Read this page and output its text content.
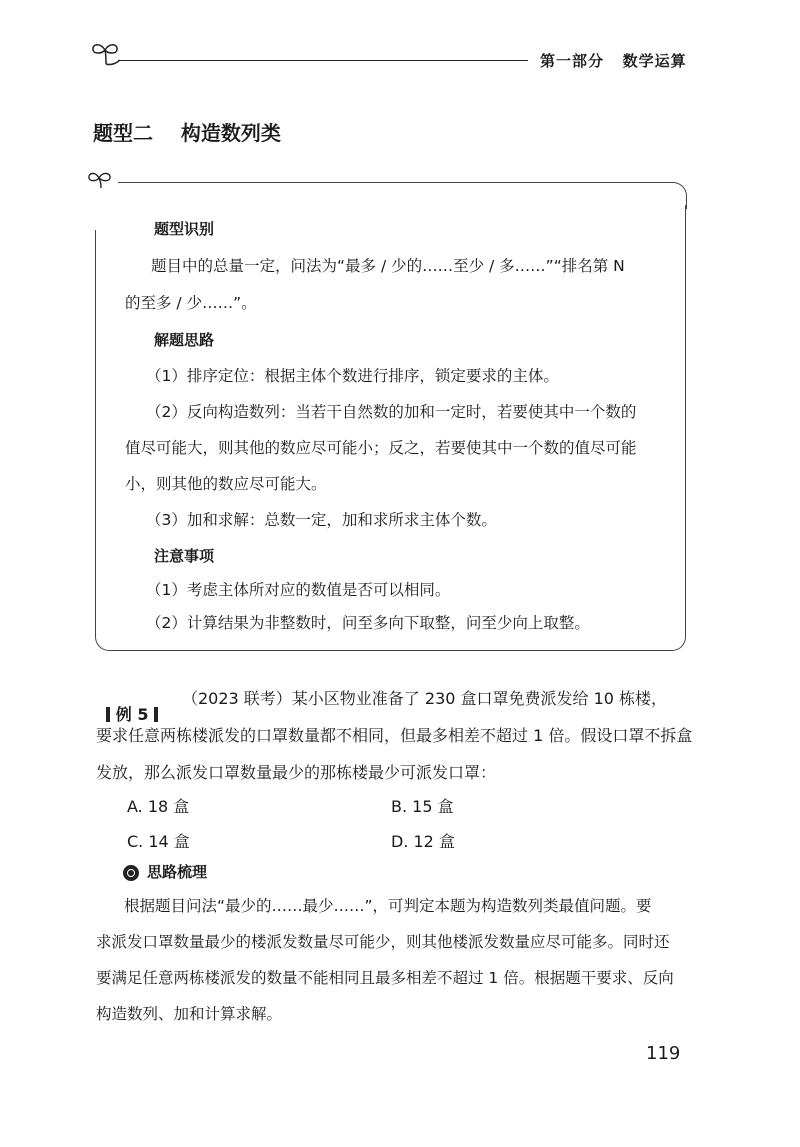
第一部分   数学运算
题型二    构造数列类
题型识别
题目中的总量一定，问法为“最多 / 少的……至少 / 多……”“排名第 N
的至多 / 少……”。
解题思路
（1）排序定位：根据主体个数进行排序，锁定要求的主体。
（2）反向构造数列：当若干自然数的加和一定时，若要使其中一个数的
值尽可能大，则其他的数应尽可能小；反之，若要使其中一个数的值尽可能
小，则其他的数应尽可能大。
（3）加和求解：总数一定，加和求所求主体个数。
注意事项
（1）考虑主体所对应的数值是否可以相同。
（2）计算结果为非整数时，问至多向下取整，问至少向上取整。

例 5

（2023 联考）某小区物业准备了 230 盒口罩免费派发给 10 栋楼，
要求任意两栋楼派发的口罩数量都不相同，但最多相差不超过 1 倍。假设口罩不拆盒
发放，那么派发口罩数量最少的那栋楼最少可派发口罩：
A. 18 盒	B. 15 盒
C. 14 盒	D. 12 盒
思路梳理
根据题目问法“最少的……最少……”，可判定本题为构造数列类最值问题。要
求派发口罩数量最少的楼派发数量尽可能少，则其他楼派发数量应尽可能多。同时还
要满足任意两栋楼派发的数量不能相同且最多相差不超过 1 倍。根据题干要求、反向
构造数列、加和计算求解。
119
